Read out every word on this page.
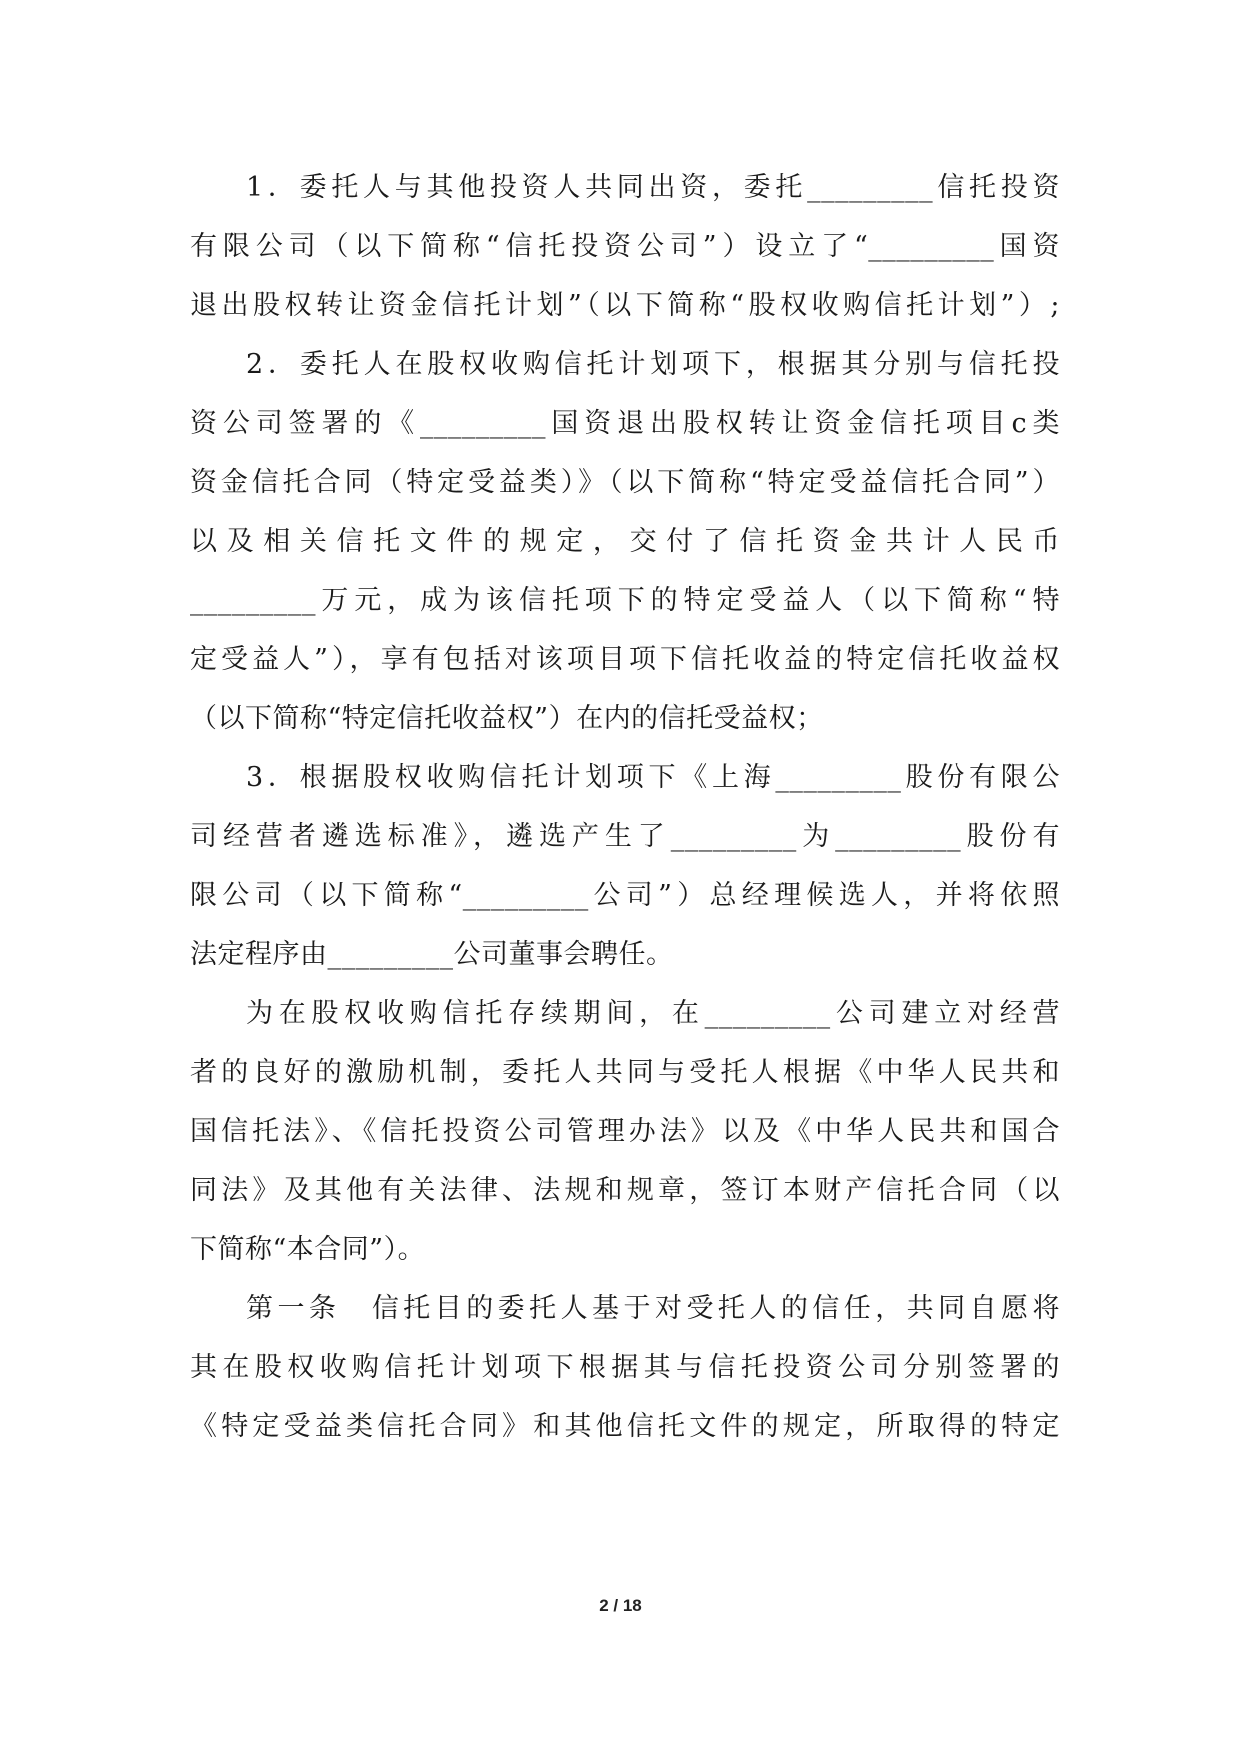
1．委托人与其他投资人共同出资，委托_________信托投资
有限公司（以下简称“信托投资公司”）设立了“_________国资
退出股权转让资金信托计划”（以下简称“股权收购信托计划”）;
2．委托人在股权收购信托计划项下，根据其分别与信托投
资公司签署的《_________国资退出股权转让资金信托项目c类
资金信托合同（特定受益类）》（以下简称“特定受益信托合同”）
以及相关信托文件的规定，交付了信托资金共计人民币
_________万元，成为该信托项下的特定受益人（以下简称“特
定受益人”），享有包括对该项目项下信托收益的特定信托收益权
（以下简称“特定信托收益权”）在内的信托受益权；
3．根据股权收购信托计划项下《上海_________股份有限公
司经营者遴选标准》，遴选产生了_________为_________股份有
限公司（以下简称“_________公司”）总经理候选人，并将依照
法定程序由_________公司董事会聘任。
为在股权收购信托存续期间，在_________公司建立对经营
者的良好的激励机制，委托人共同与受托人根据《中华人民共和
国信托法》、《信托投资公司管理办法》以及《中华人民共和国合
同法》及其他有关法律、法规和规章，签订本财产信托合同（以
下简称“本合同”）。
第一条　信托目的委托人基于对受托人的信任，共同自愿将
其在股权收购信托计划项下根据其与信托投资公司分别签署的
《特定受益类信托合同》和其他信托文件的规定，所取得的特定
2 / 18
